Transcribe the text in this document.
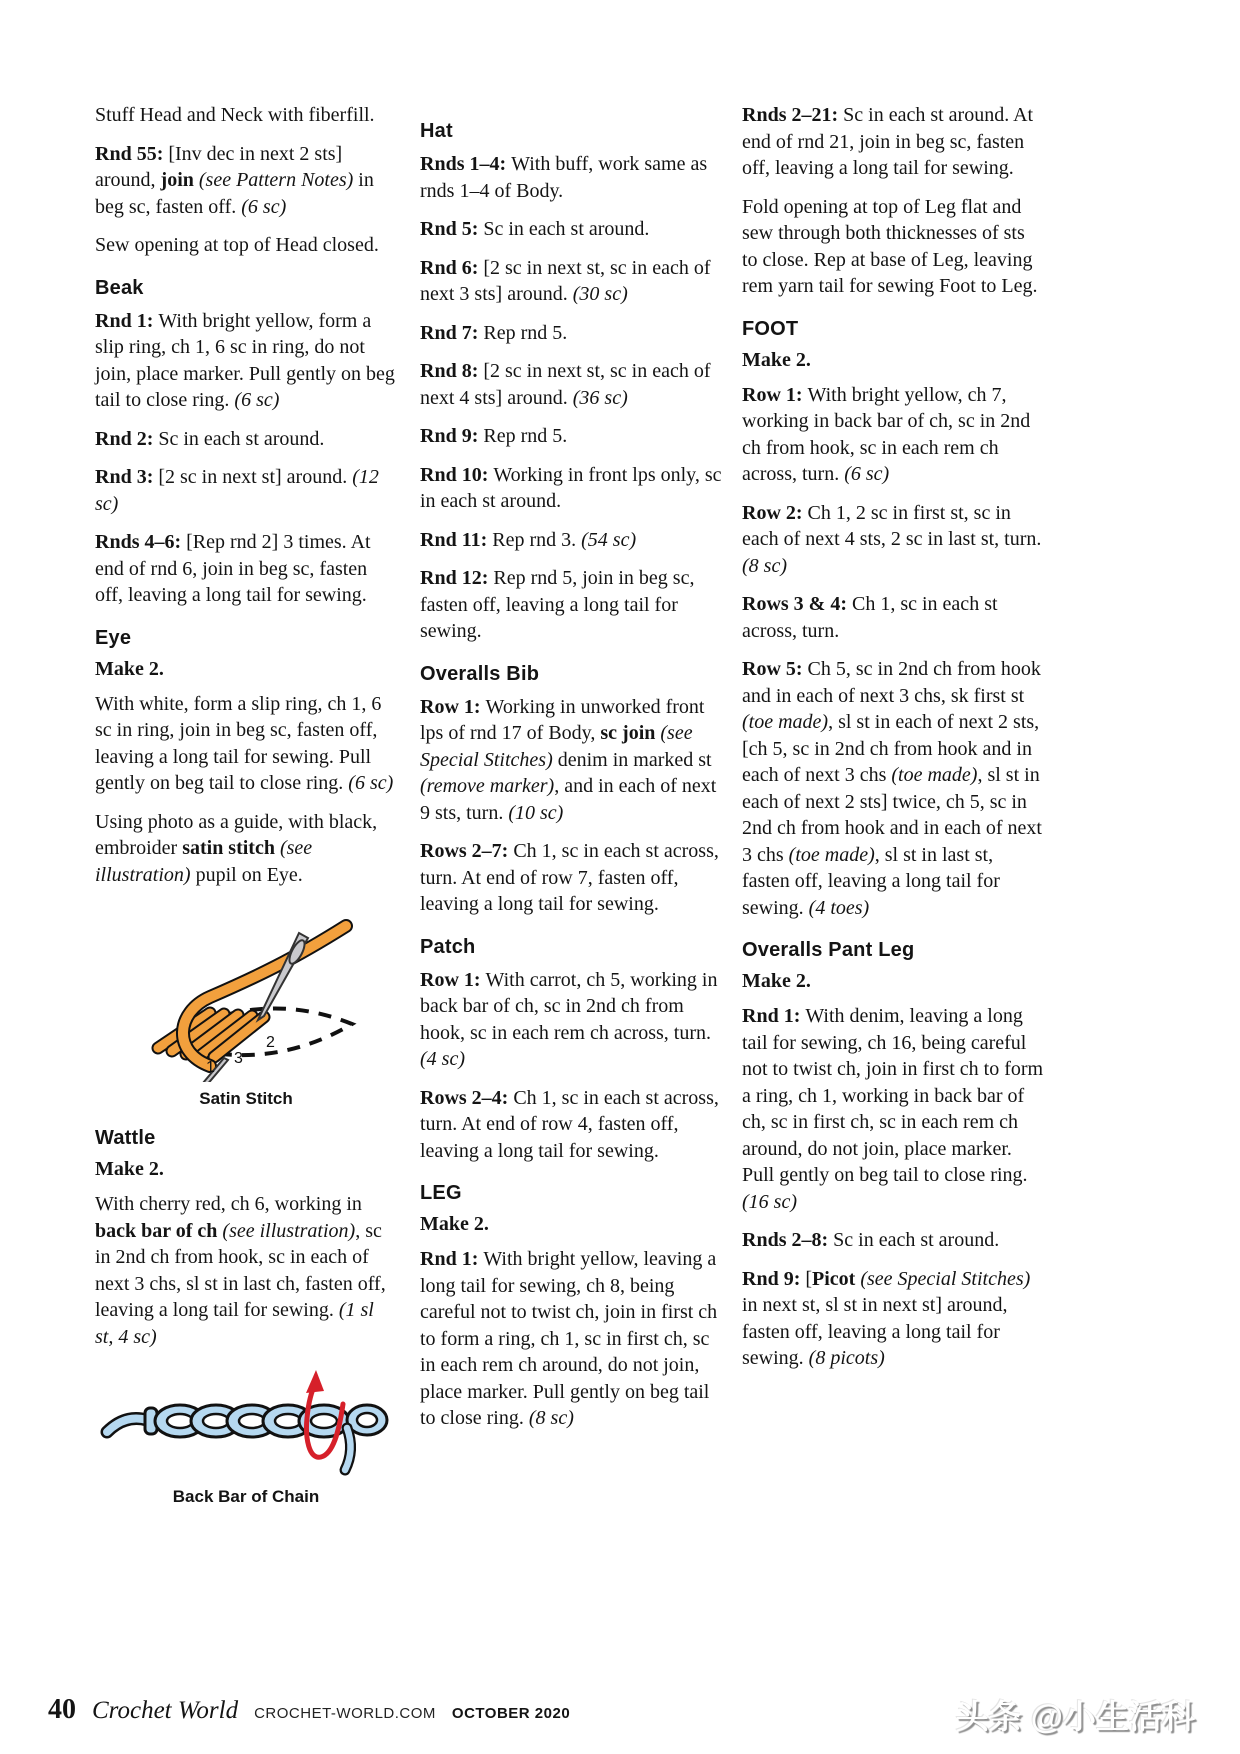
Stuff Head and Neck with fiberfill.

Rnd 55: [Inv dec in next 2 sts] around, join (see Pattern Notes) in beg sc, fasten off. (6 sc)

Sew opening at top of Head closed.

Beak

Rnd 1: With bright yellow, form a slip ring, ch 1, 6 sc in ring, do not join, place marker. Pull gently on beg tail to close ring. (6 sc)

Rnd 2: Sc in each st around.

Rnd 3: [2 sc in next st] around. (12 sc)

Rnds 4–6: [Rep rnd 2] 3 times. At end of rnd 6, join in beg sc, fasten off, leaving a long tail for sewing.

Eye

Make 2.

With white, form a slip ring, ch 1, 6 sc in ring, join in beg sc, fasten off, leaving a long tail for sewing. Pull gently on beg tail to close ring. (6 sc)

Using photo as a guide, with black, embroider satin stitch (see illustration) pupil on Eye.

2
3
1
Satin Stitch
Wattle

Make 2.

With cherry red, ch 6, working in back bar of ch (see illustration), sc in 2nd ch from hook, sc in each of next 3 chs, sl st in last ch, fasten off, leaving a long tail for sewing. (1 sl st, 4 sc)

Back Bar of Chain
Hat

Rnds 1–4: With buff, work same as rnds 1–4 of Body.

Rnd 5: Sc in each st around.

Rnd 6: [2 sc in next st, sc in each of next 3 sts] around. (30 sc)

Rnd 7: Rep rnd 5.

Rnd 8: [2 sc in next st, sc in each of next 4 sts] around. (36 sc)

Rnd 9: Rep rnd 5.

Rnd 10: Working in front lps only, sc in each st around.

Rnd 11: Rep rnd 3. (54 sc)

Rnd 12: Rep rnd 5, join in beg sc, fasten off, leaving a long tail for sewing.

Overalls Bib

Row 1: Working in unworked front lps of rnd 17 of Body, sc join (see Special Stitches) denim in marked st (remove marker), and in each of next 9 sts, turn. (10 sc)

Rows 2–7: Ch 1, sc in each st across, turn. At end of row 7, fasten off, leaving a long tail for sewing.

Patch

Row 1: With carrot, ch 5, working in back bar of ch, sc in 2nd ch from hook, sc in each rem ch across, turn. (4 sc)

Rows 2–4: Ch 1, sc in each st across, turn. At end of row 4, fasten off, leaving a long tail for sewing.

LEG

Make 2.

Rnd 1: With bright yellow, leaving a long tail for sewing, ch 8, being careful not to twist ch, join in first ch to form a ring, ch 1, sc in first ch, sc in each rem ch around, do not join, place marker. Pull gently on beg tail to close ring. (8 sc)

Rnds 2–21: Sc in each st around. At end of rnd 21, join in beg sc, fasten off, leaving a long tail for sewing.

Fold opening at top of Leg flat and sew through both thicknesses of sts to close. Rep at base of Leg, leaving rem yarn tail for sewing Foot to Leg.

FOOT

Make 2.

Row 1: With bright yellow, ch 7, working in back bar of ch, sc in 2nd ch from hook, sc in each rem ch across, turn. (6 sc)

Row 2: Ch 1, 2 sc in first st, sc in each of next 4 sts, 2 sc in last st, turn. (8 sc)

Rows 3 & 4: Ch 1, sc in each st across, turn.

Row 5: Ch 5, sc in 2nd ch from hook and in each of next 3 chs, sk first st (toe made), sl st in each of next 2 sts, [ch 5, sc in 2nd ch from hook and in each of next 3 chs (toe made), sl st in each of next 2 sts] twice, ch 5, sc in 2nd ch from hook and in each of next 3 chs (toe made), sl st in last st, fasten off, leaving a long tail for sewing. (4 toes)

Overalls Pant Leg

Make 2.

Rnd 1: With denim, leaving a long tail for sewing, ch 16, being careful not to twist ch, join in first ch to form a ring, ch 1, working in back bar of ch, sc in first ch, sc in each rem ch around, do not join, place marker. Pull gently on beg tail to close ring. (16 sc)

Rnds 2–8: Sc in each st around.

Rnd 9: [Picot (see Special Stitches) in next st, sl st in next st] around, fasten off, leaving a long tail for sewing. (8 picots)

40 Crochet World CROCHET-WORLD.COM OCTOBER 2020	头条 @小生活科
